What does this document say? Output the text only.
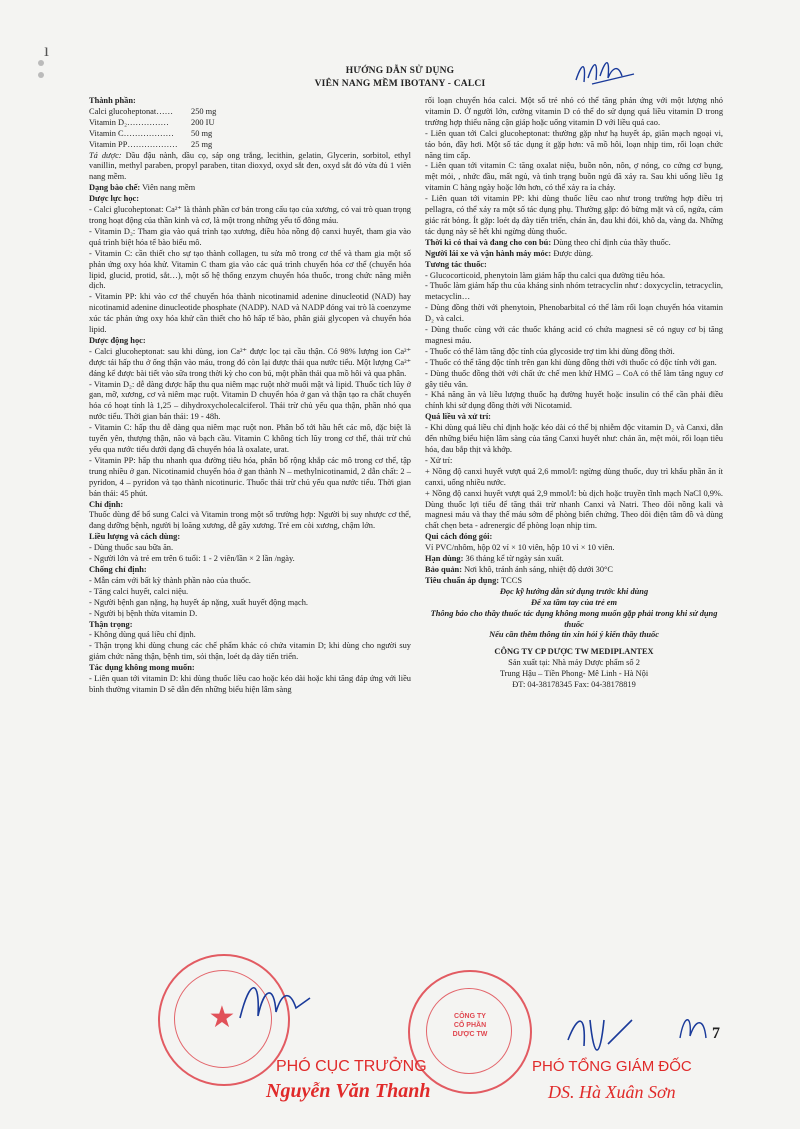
ı
HƯỚNG DẪN SỬ DỤNG
VIÊN NANG MỀM IBOTANY - CALCI

Thành phần:

Calci glucoheptonat…… 250 mg

Vitamin D₂……………	200 IU

Vitamin C……………… 50 mg

Vitamin PP……………… 25 mg

Tá dược: Dầu đậu nành, dầu cọ, sáp ong trắng, lecithin, gelatin, Glycerin, sorbitol, ethyl vanillin, methyl paraben, propyl paraben, titan dioxyd, oxyd sắt đen, oxyd sắt đỏ vừa đủ 1 viên nang mềm.

Dạng bào chế: Viên nang mềm

Dược lực học:

- Calci glucoheptonat: Ca²⁺ là thành phần cơ bản trong cấu tạo của xương, có vai trò quan trọng trong hoạt động của thần kinh và cơ, là một trong những yếu tố đông máu.

- Vitamin D₂: Tham gia vào quá trình tạo xương, điều hòa nồng độ canxi huyết, tham gia vào quá trình biệt hóa tế bào biểu mô.

- Vitamin C: cần thiết cho sự tạo thành collagen, tu sửa mô trong cơ thể và tham gia một số phản ứng oxy hóa khử. Vitamin C tham gia vào các quá trình chuyển hóa cơ thể (chuyển hóa lipid, glucid, protid, sắt…), một số hệ thống enzym chuyển hóa thuốc, trong chức năng miễn dịch.

- Vitamin PP: khi vào cơ thể chuyển hóa thành nicotinamid adenine dinucleotid (NAD) hay nicotinamid adenine dinucleotide phosphate (NADP). NAD và NADP đóng vai trò là coenzyme xúc tác phản ứng oxy hóa khử cần thiết cho hô hấp tế bào, phân giải glycopen và chuyển hóa lipid.

Dược động học:

- Calci glucoheptonat: sau khi dùng, ion Ca²⁺ được lọc tại cầu thận. Có 98% lượng ion Ca²⁺ được tái hấp thu ở ống thận vào máu, trong đó còn lại được thải qua nước tiểu. Một lượng Ca²⁺ đáng kể được bài tiết vào sữa trong thời kỳ cho con bú, một phần thải qua mồ hôi và qua phân.

- Vitamin D₂: dễ dàng được hấp thu qua niêm mạc ruột nhờ muối mật và lipid. Thuốc tích lũy ở gan, mỡ, xương, cơ và niêm mạc ruột. Vitamin D chuyển hóa ở gan và thận tạo ra chất chuyển hóa có hoạt tính là 1,25 – dihydroxycholecalciferol. Thải trừ chủ yếu qua thận, phần nhỏ qua nước tiểu. Thời gian bán thải: 19 - 48h.

- Vitamin C: hấp thu dễ dàng qua niêm mạc ruột non. Phân bố tới hầu hết các mô, đặc biệt là tuyến yên, thượng thận, não và bạch cầu. Vitamin C không tích lũy trong cơ thể, thải trừ chủ yếu qua nước tiểu dưới dạng đã chuyển hóa là oxalate, urat.

- Vitamin PP: hấp thu nhanh qua đường tiêu hóa, phân bố rộng khắp các mô trong cơ thể, tập trung nhiều ở gan. Nicotinamid chuyển hóa ở gan thành N – methylnicotinamid, 2 dẫn chất: 2 – pyridon, 4 – pyridon và tạo thành nicotinuric. Thuốc thải trừ chủ yếu qua nước tiểu. Thời gian bán thải: 45 phút.

Chỉ định:

Thuốc dùng để bổ sung Calci và Vitamin trong một số trường hợp: Người bị suy nhược cơ thể, đang dưỡng bệnh, người bị loãng xương, dễ gãy xương. Trẻ em còi xương, chậm lớn.

Liều lượng và cách dùng:

- Dùng thuốc sau bữa ăn.

- Người lớn và trẻ em trên 6 tuổi: 1 - 2 viên/lần × 2 lần /ngày.

Chống chỉ định:

- Mẫn cảm với bất kỳ thành phần nào của thuốc.

- Tăng calci huyết, calci niệu.

- Người bệnh gan nặng, hạ huyết áp nặng, xuất huyết động mạch.

- Người bị bệnh thừa vitamin D.

Thận trọng:

- Không dùng quá liều chỉ định.

- Thận trọng khi dùng chung các chế phẩm khác có chứa vitamin D; khi dùng cho người suy giảm chức năng thận, bệnh tim, sỏi thận, loét dạ dày tiến triển.

Tác dụng không mong muốn:

- Liên quan tới vitamin D: khi dùng thuốc liều cao hoặc kéo dài hoặc khi tăng đáp ứng với liều bình thường vitamin D sẽ dẫn đến những biểu hiện lâm sàng

rối loạn chuyển hóa calci. Một số trẻ nhỏ có thể tăng phản ứng với một lượng nhỏ vitamin D. Ở người lớn, cường vitamin D có thể do sử dụng quá liều vitamin D trong trường hợp thiểu năng cận giáp hoặc uống vitamin D với liều quá cao.

- Liên quan tới Calci glucoheptonat: thường gặp như hạ huyết áp, giãn mạch ngoại vi, táo bón, đầy hơi. Một số tác dụng ít gặp hơn: vã mồ hôi, loạn nhịp tim, rối loạn chức năng tim cấp.

- Liên quan tới vitamin C: tăng oxalat niệu, buồn nôn, nôn, ợ nóng, co cứng cơ bụng, mệt mỏi, , nhức đầu, mất ngủ, và tình trạng buồn ngủ đã xảy ra. Sau khi uống liều 1g vitamin C hàng ngày hoặc lớn hơn, có thể xảy ra ỉa chảy.

- Liên quan tới vitamin PP: khi dùng thuốc liều cao như trong trường hợp điều trị pellagra, có thể xảy ra một số tác dụng phụ. Thường gặp: đỏ bừng mặt và cổ, ngứa, cảm giác rát bỏng. Ít gặp: loét dạ dày tiến triển, chán ăn, đau khi đói, khô da, vàng da. Những tác dụng này sẽ hết khi ngừng dùng thuốc.

Thời kì có thai và đang cho con bú: Dùng theo chỉ định của thầy thuốc.

Người lái xe và vận hành máy móc: Được dùng.

Tương tác thuốc:

- Glucocorticoid, phenytoin làm giảm hấp thu calci qua đường tiêu hóa.

- Thuốc làm giảm hấp thu của kháng sinh nhóm tetracyclin như : doxycyclin, tetracyclin, metacyclin…

- Dùng đồng thời với phenytoin, Phenobarbital có thể làm rối loạn chuyển hóa vitamin D₂ và calci.

- Dùng thuốc cùng với các thuốc kháng acid có chứa magnesi sẽ có nguy cơ bị tăng magnesi máu.

- Thuốc có thể làm tăng độc tính của glycoside trợ tim khi dùng đồng thời.

- Thuốc có thể tăng độc tính trên gan khi dùng đồng thời với thuốc có độc tính với gan.

- Dùng thuốc đồng thời với chất ức chế men khử HMG – CoA có thể làm tăng nguy cơ gây tiêu vân.

- Khả năng ăn và liều lượng thuốc hạ đường huyết hoặc insulin có thể cần phải điều chỉnh khi sử dụng đồng thời với Nicotamid.

Quá liều và xử trí:

- Khi dùng quá liều chỉ định hoặc kéo dài có thể bị nhiễm độc vitamin D₂ và Canxi, dẫn đến những biểu hiện lâm sàng của tăng Canxi huyết như: chán ăn, mệt mỏi, rối loạn tiêu hóa, đau bắp thịt và khớp.

- Xử trí:

+ Nồng độ canxi huyết vượt quá 2,6 mmol/l: ngừng dùng thuốc, duy trì khẩu phần ăn ít canxi, uống nhiều nước.

+ Nồng độ canxi huyết vượt quá 2,9 mmol/l: bù dịch hoặc truyền tĩnh mạch NaCl 0,9%. Dùng thuốc lợi tiểu để tăng thải trừ nhanh Canxi và Natri. Theo dõi nồng kali và magnesi máu và thay thế máu sớm để phòng biến chứng. Theo dõi điện tâm đồ và dùng chất chẹn beta - adrenergic để phòng loạn nhịp tim.

Qui cách đóng gói:

Vỉ PVC/nhôm, hộp 02 vỉ × 10 viên, hộp 10 vỉ × 10 viên.

Hạn dùng: 36 tháng kể từ ngày sản xuất.

Bảo quản: Nơi khô, tránh ánh sáng, nhiệt độ dưới 30°C

Tiêu chuẩn áp dụng: TCCS

Đọc kỹ hướng dẫn sử dụng trước khi dùng

Để xa tầm tay của trẻ em

Thông báo cho thầy thuốc tác dụng không mong muốn gặp phải trong khi sử dụng thuốc

Nếu cần thêm thông tin xin hỏi ý kiến thầy thuốc

CÔNG TY CP DƯỢC TW MEDIPLANTEX

Sản xuất tại: Nhà máy Dược phẩm số 2

Trung Hậu – Tiền Phong- Mê Linh - Hà Nội

ĐT: 04-38178345 Fax: 04-38178819

★	CÔNG TY
CỔ PHẦN
DƯỢC TW
PHÓ CỤC TRƯỞNG
Nguyễn Văn Thanh
PHÓ TỔNG GIÁM ĐỐC
DS. Hà Xuân Sơn
7
